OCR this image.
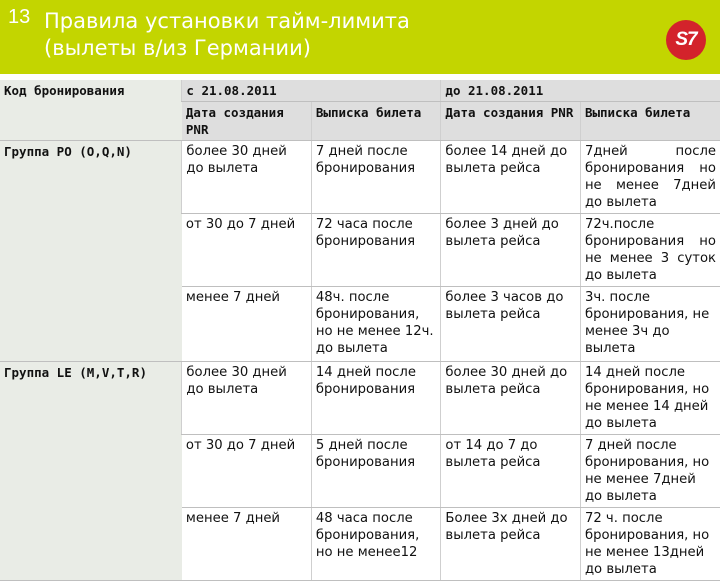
13 Правила установки тайм-лимита
(вылеты в/из Германии)	S7
Код бронирования	с 21.08.2011		до 21.08.2011	
	Дата создания PNR	Выписка билета	Дата создания PNR	Выписка билета
Группа PO (O,Q,N)	более 30 дней до вылета	7 дней после бронирования	более 14 дней до вылета рейса	7дней после бронирования но не менее 7дней до вылета
	от 30 до 7 дней	72 часа после бронирования	более 3 дней до вылета рейса	72ч.после бронирования но не менее 3 суток до вылета
	менее 7 дней	48ч. после бронирования, но не менее 12ч. до вылета	более 3 часов до вылета рейса	3ч. после бронирования, не менее 3ч до вылета
Группа LE (M,V,T,R)	более 30 дней до вылета	14 дней после бронирования	более 30 дней до вылета рейса	14 дней после бронирования, но не менее 14 дней до вылета
	от 30 до 7 дней	5 дней после бронирования	от 14 до 7 до вылета рейса	7 дней после бронирования, но не менее 7дней до вылета
	менее 7 дней	48 часа после бронирования, но не менее12	Более 3х дней до вылета рейса	72 ч. после бронирования, но не менее 13дней до вылета
